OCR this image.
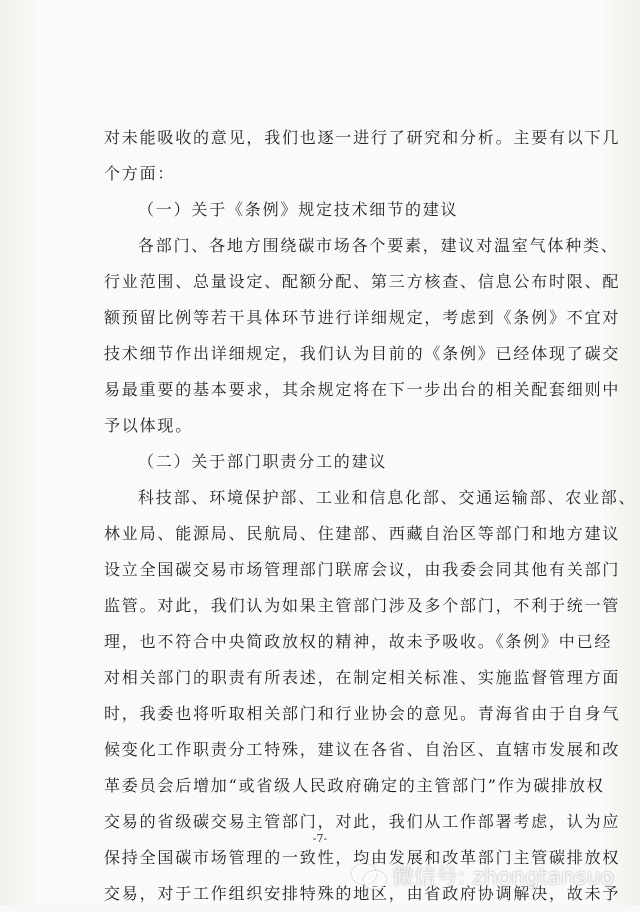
对未能吸收的意见，我们也逐一进行了研究和分析。主要有以下几
个方面：
（一）关于《条例》规定技术细节的建议
各部门、各地方围绕碳市场各个要素，建议对温室气体种类、
行业范围、总量设定、配额分配、第三方核查、信息公布时限、配
额预留比例等若干具体环节进行详细规定，考虑到《条例》不宜对
技术细节作出详细规定，我们认为目前的《条例》已经体现了碳交
易最重要的基本要求，其余规定将在下一步出台的相关配套细则中
予以体现。
（二）关于部门职责分工的建议
科技部、环境保护部、工业和信息化部、交通运输部、农业部、
林业局、能源局、民航局、住建部、西藏自治区等部门和地方建议
设立全国碳交易市场管理部门联席会议，由我委会同其他有关部门
监管。对此，我们认为如果主管部门涉及多个部门，不利于统一管
理，也不符合中央简政放权的精神，故未予吸收。《条例》中已经
对相关部门的职责有所表述，在制定相关标准、实施监督管理方面
时，我委也将听取相关部门和行业协会的意见。青海省由于自身气
候变化工作职责分工特殊，建议在各省、自治区、直辖市发展和改
革委员会后增加“或省级人民政府确定的主管部门”作为碳排放权
交易的省级碳交易主管部门，对此，我们从工作部署考虑，认为应
保持全国碳市场管理的一致性，均由发展和改革部门主管碳排放权
交易，对于工作组织安排特殊的地区，由省政府协调解决，故未予
-7-
微信号: zhongtansuo
